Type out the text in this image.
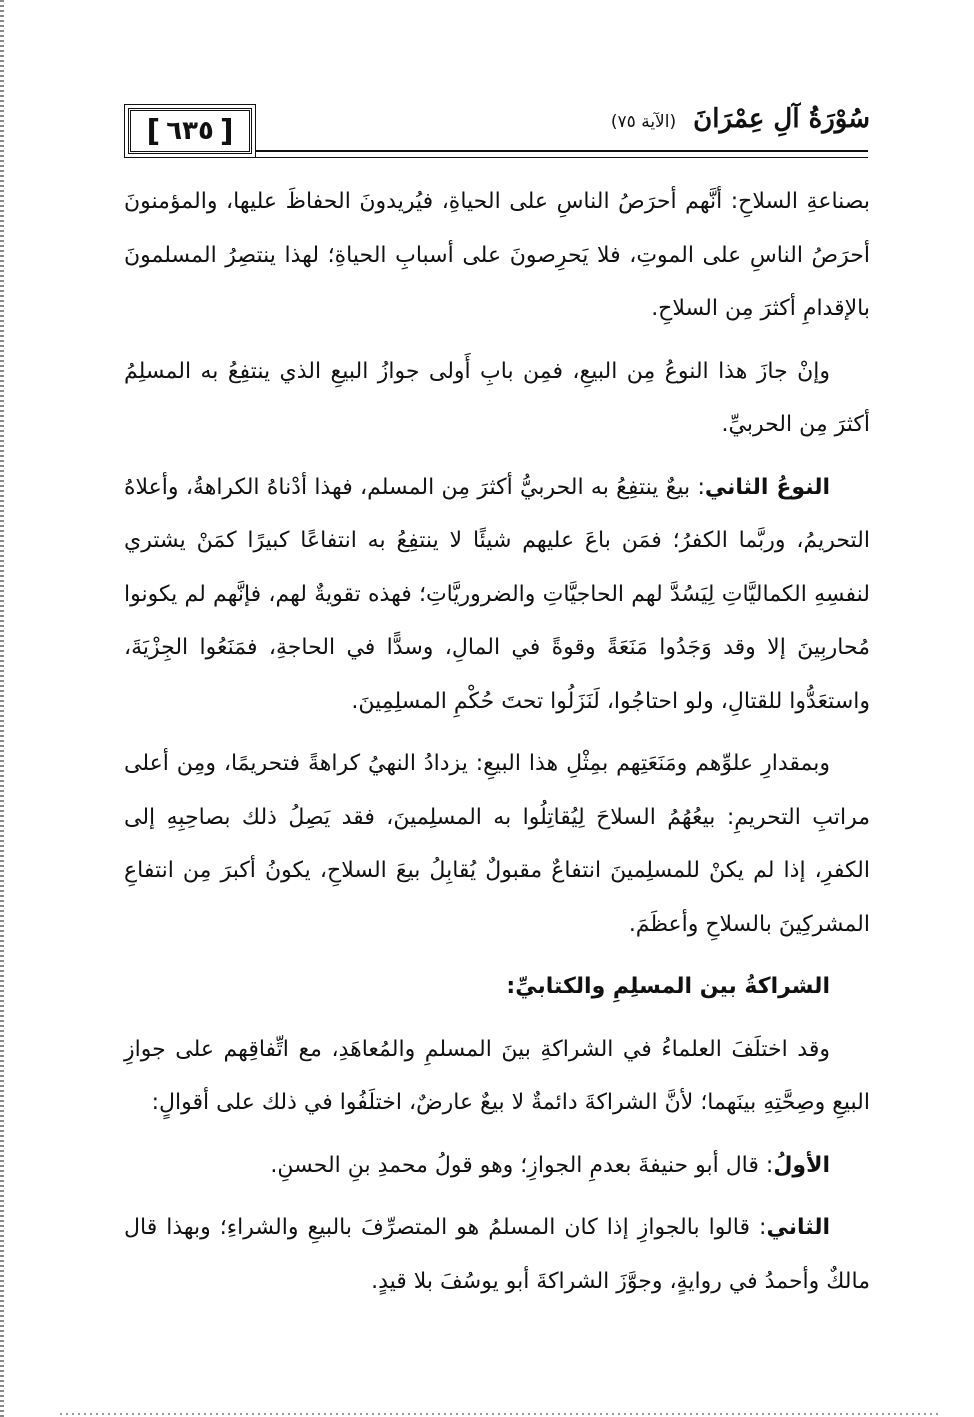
[
٦٣٥
]	سُوْرَةُ آلِ عِمْرَانَ (الآية ٧٥)

بصناعةِ السلاحِ: أنَّهم أحرَصُ الناسِ على الحياةِ، فيُريدونَ الحفاظَ عليها، والمؤمنونَ أحرَصُ الناسِ على الموتِ، فلا يَحرِصونَ على أسبابِ الحياةِ؛ لهذا ينتصِرُ المسلمونَ بالإقدامِ أكثرَ مِن السلاحِ.

وإنْ جازَ هذا النوعُ مِن البيعِ، فمِن بابِ أَولى جوازُ البيعِ الذي ينتفِعُ به المسلِمُ أكثرَ مِن الحربيِّ.

النوعُ الثاني: بيعٌ ينتفِعُ به الحربيُّ أكثرَ مِن المسلم، فهذا أدْناهُ الكراهةُ، وأعلاهُ التحريمُ، وربَّما الكفرُ؛ فمَن باعَ عليهم شيئًا لا ينتفِعُ به انتفاعًا كبيرًا كمَنْ يشتري لنفسِهِ الكماليَّاتِ لِيَسُدَّ لهم الحاجيَّاتِ والضروريَّاتِ؛ فهذه تقويةٌ لهم، فإنَّهم لم يكونوا مُحاربِينَ إلا وقد وَجَدُوا مَنَعَةً وقوةً في المالِ، وسدًّا في الحاجةِ، فمَنَعُوا الجِزْيَةَ، واستعَدُّوا للقتالِ، ولو احتاجُوا، لَنَزَلُوا تحتَ حُكْمِ المسلِمِينَ.

وبمقدارِ علوِّهم ومَنَعَتِهم بمِثْلِ هذا البيعِ: يزدادُ النهيُ كراهةً فتحريمًا، ومِن أعلى مراتبِ التحريمِ: بيعُهُمُ السلاحَ لِيُقاتِلُوا به المسلِمينَ، فقد يَصِلُ ذلك بصاحِبِهِ إلى الكفرِ، إذا لم يكنْ للمسلِمينَ انتفاعٌ مقبولٌ يُقابِلُ بيعَ السلاحِ، يكونُ أكبرَ مِن انتفاعِ المشركِينَ بالسلاحِ وأعظَمَ.

الشراكةُ بين المسلِمِ والكتابيِّ:

وقد اختلَفَ العلماءُ في الشراكةِ بينَ المسلمِ والمُعاهَدِ، مع اتِّفاقِهم على جوازِ البيعِ وصِحَّتِهِ بينَهما؛ لأنَّ الشراكةَ دائمةٌ لا بيعٌ عارضٌ، اختلَفُوا في ذلك على أقوالٍ:

الأولُ: قال أبو حنيفةَ بعدمِ الجوازِ؛ وهو قولُ محمدِ بنِ الحسنِ.

الثاني: قالوا بالجوازِ إذا كان المسلمُ هو المتصرِّفَ بالبيعِ والشراءِ؛ وبهذا قال مالكٌ وأحمدُ في روايةٍ، وجوَّزَ الشراكةَ أبو يوسُفَ بلا قيدٍ.
